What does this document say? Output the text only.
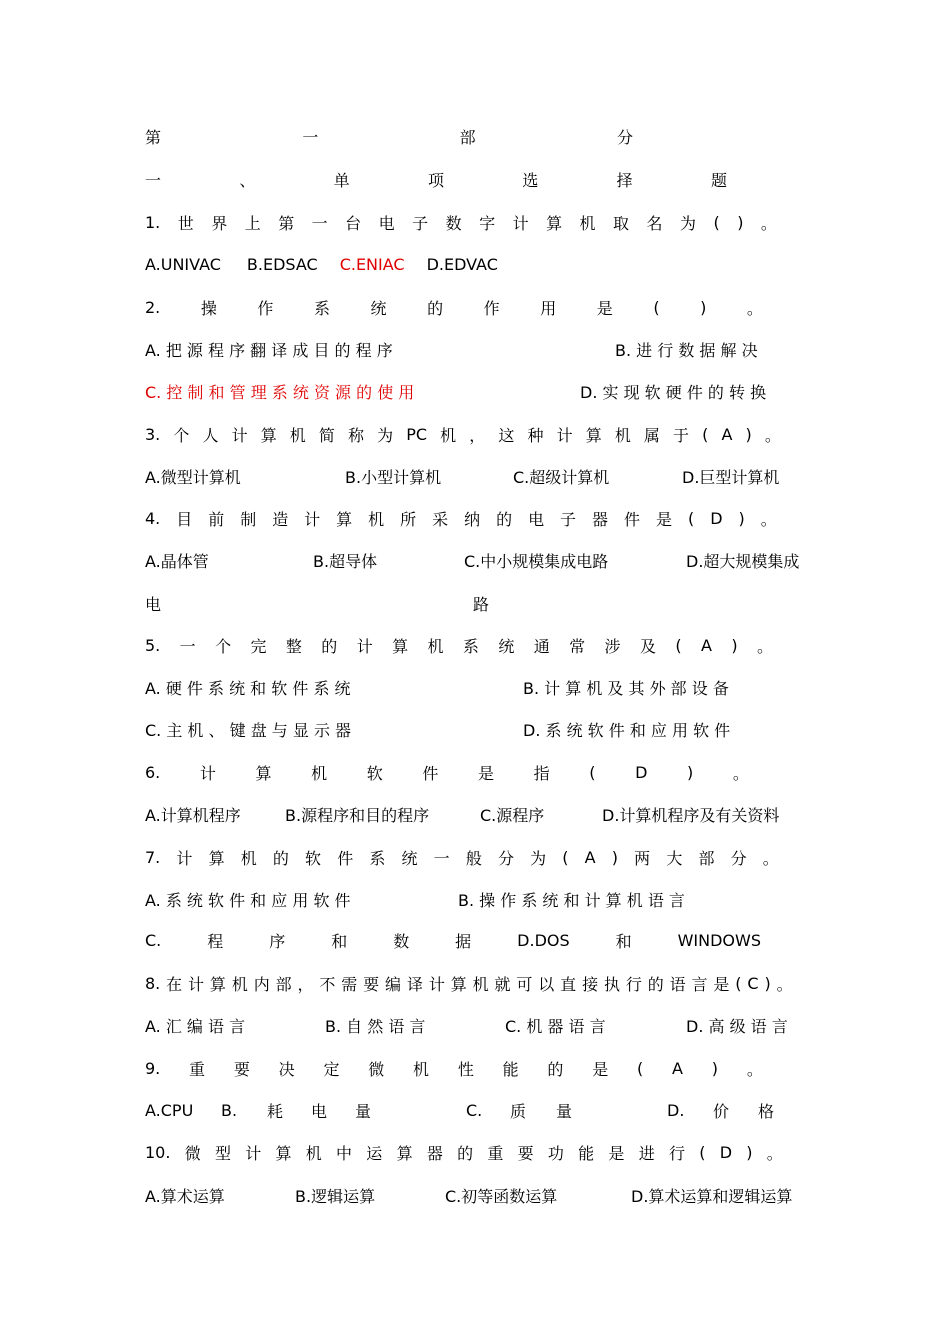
第	一	部	分
一	、	单	项	选	择	题
1. 世 界 上 第 一 台 电 子 数 字 计 算 机 取 名 为 ( ) 。
A.UNIVAC B.EDSAC C.ENIAC D.EDVAC
2.	操	作	系	统	的	作	用	是	(	)	。
A. 把 源 程 序 翻 译 成 目 的 程 序	B. 进 行 数 据 解 决
C. 控 制 和 管 理 系 统 资 源 的 使 用	D. 实 现 软 硬 件 的 转 换
3. 个 人 计 算 机 简 称 为 PC 机 ， 这 种 计 算 机 属 于 ( A ) 。
A.微型计算机	B.小型计算机	C.超级计算机	D.巨型计算机
4. 目 前 制 造 计 算 机 所 采 纳 的 电 子 器 件 是 ( D ) 。
A.晶体管	B.超导体	C.中小规模集成电路	D.超大规模集成
电	路
5. 一 个 完 整 的 计 算 机 系 统 通 常 涉 及 ( A ) 。
A. 硬 件 系 统 和 软 件 系 统	B. 计 算 机 及 其 外 部 设 备
C. 主 机 、 键 盘 与 显 示 器	D. 系 统 软 件 和 应 用 软 件
6. 计 算 机 软 件 是 指 ( D ) 。
A.计算机程序	B.源程序和目的程序	C.源程序	D.计算机程序及有关资料
7. 计 算 机 的 软 件 系 统 一 般 分 为 ( A ) 两 大 部 分 。
A. 系 统 软 件 和 应 用 软 件	B. 操 作 系 统 和 计 算 机 语 言
C.	程	序	和	数	据	D.DOS	和	WINDOWS
8. 在 计 算 机 内 部 ， 不 需 要 编 译 计 算 机 就 可 以 直 接 执 行 的 语 言 是 ( C ) 。
A. 汇 编 语 言	B. 自 然 语 言	C. 机 器 语 言	D. 高 级 语 言
9. 重 要 决 定 微 机 性 能 的 是 ( A ) 。
A.CPU B. 耗 电 量	C. 质 量	D. 价 格
10. 微 型 计 算 机 中 运 算 器 的 重 要 功 能 是 进 行 ( D ) 。
A.算术运算	B.逻辑运算	C.初等函数运算	D.算术运算和逻辑运算
